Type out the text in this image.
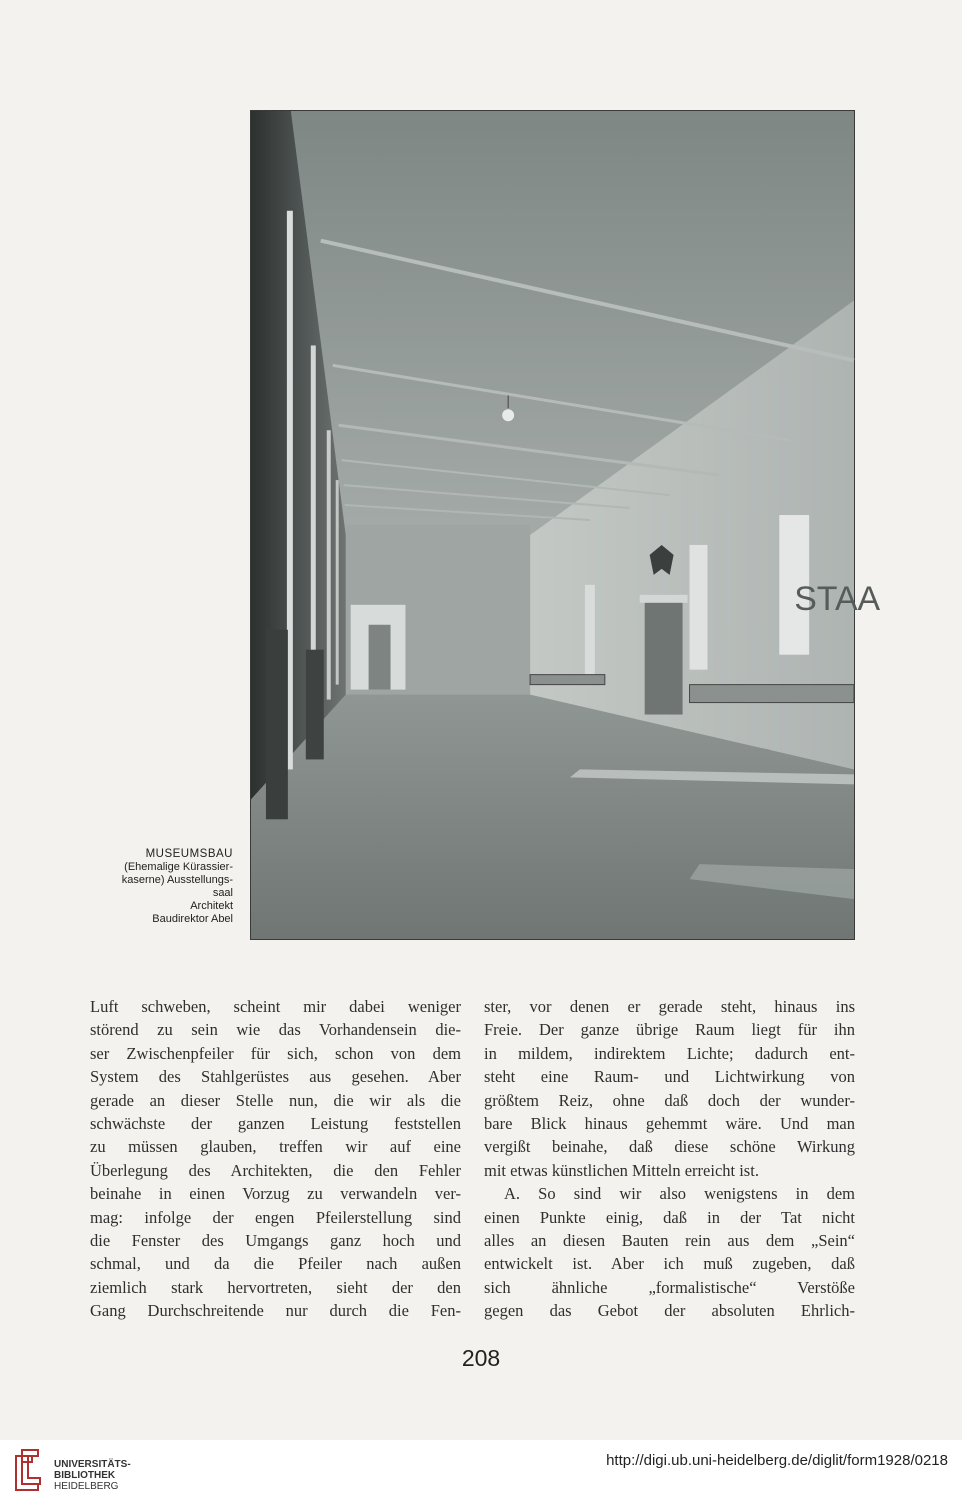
STAA
MUSEUMSBAU
(Ehemalige Kürassier-
kaserne) Ausstellungs-
saal
Architekt
Baudirektor Abel
Luft schweben, scheint mir dabei weniger
störend zu sein wie das Vorhandensein die-
ser Zwischenpfeiler für sich, schon von dem
System des Stahlgerüstes aus gesehen. Aber
gerade an dieser Stelle nun, die wir als die
schwächste der ganzen Leistung feststellen
zu müssen glauben, treffen wir auf eine
Überlegung des Architekten, die den Fehler
beinahe in einen Vorzug zu verwandeln ver-
mag: infolge der engen Pfeilerstellung sind
die Fenster des Umgangs ganz hoch und
schmal, und da die Pfeiler nach außen
ziemlich stark hervortreten, sieht der den
Gang Durchschreitende nur durch die Fen-
ster, vor denen er gerade steht, hinaus ins
Freie. Der ganze übrige Raum liegt für ihn
in mildem, indirektem Lichte; dadurch ent-
steht eine Raum- und Lichtwirkung von
größtem Reiz, ohne daß doch der wunder-
bare Blick hinaus gehemmt wäre. Und man
vergißt beinahe, daß diese schöne Wirkung
mit etwas künstlichen Mitteln erreicht ist.
A. So sind wir also wenigstens in dem
einen Punkte einig, daß in der Tat nicht
alles an diesen Bauten rein aus dem „Sein“
entwickelt ist. Aber ich muß zugeben, daß
sich ähnliche „formalistische“ Verstöße
gegen das Gebot der absoluten Ehrlich-
208
UNIVERSITÄTS-
BIBLIOTHEK
HEIDELBERG
http://digi.ub.uni-heidelberg.de/diglit/form1928/0218
